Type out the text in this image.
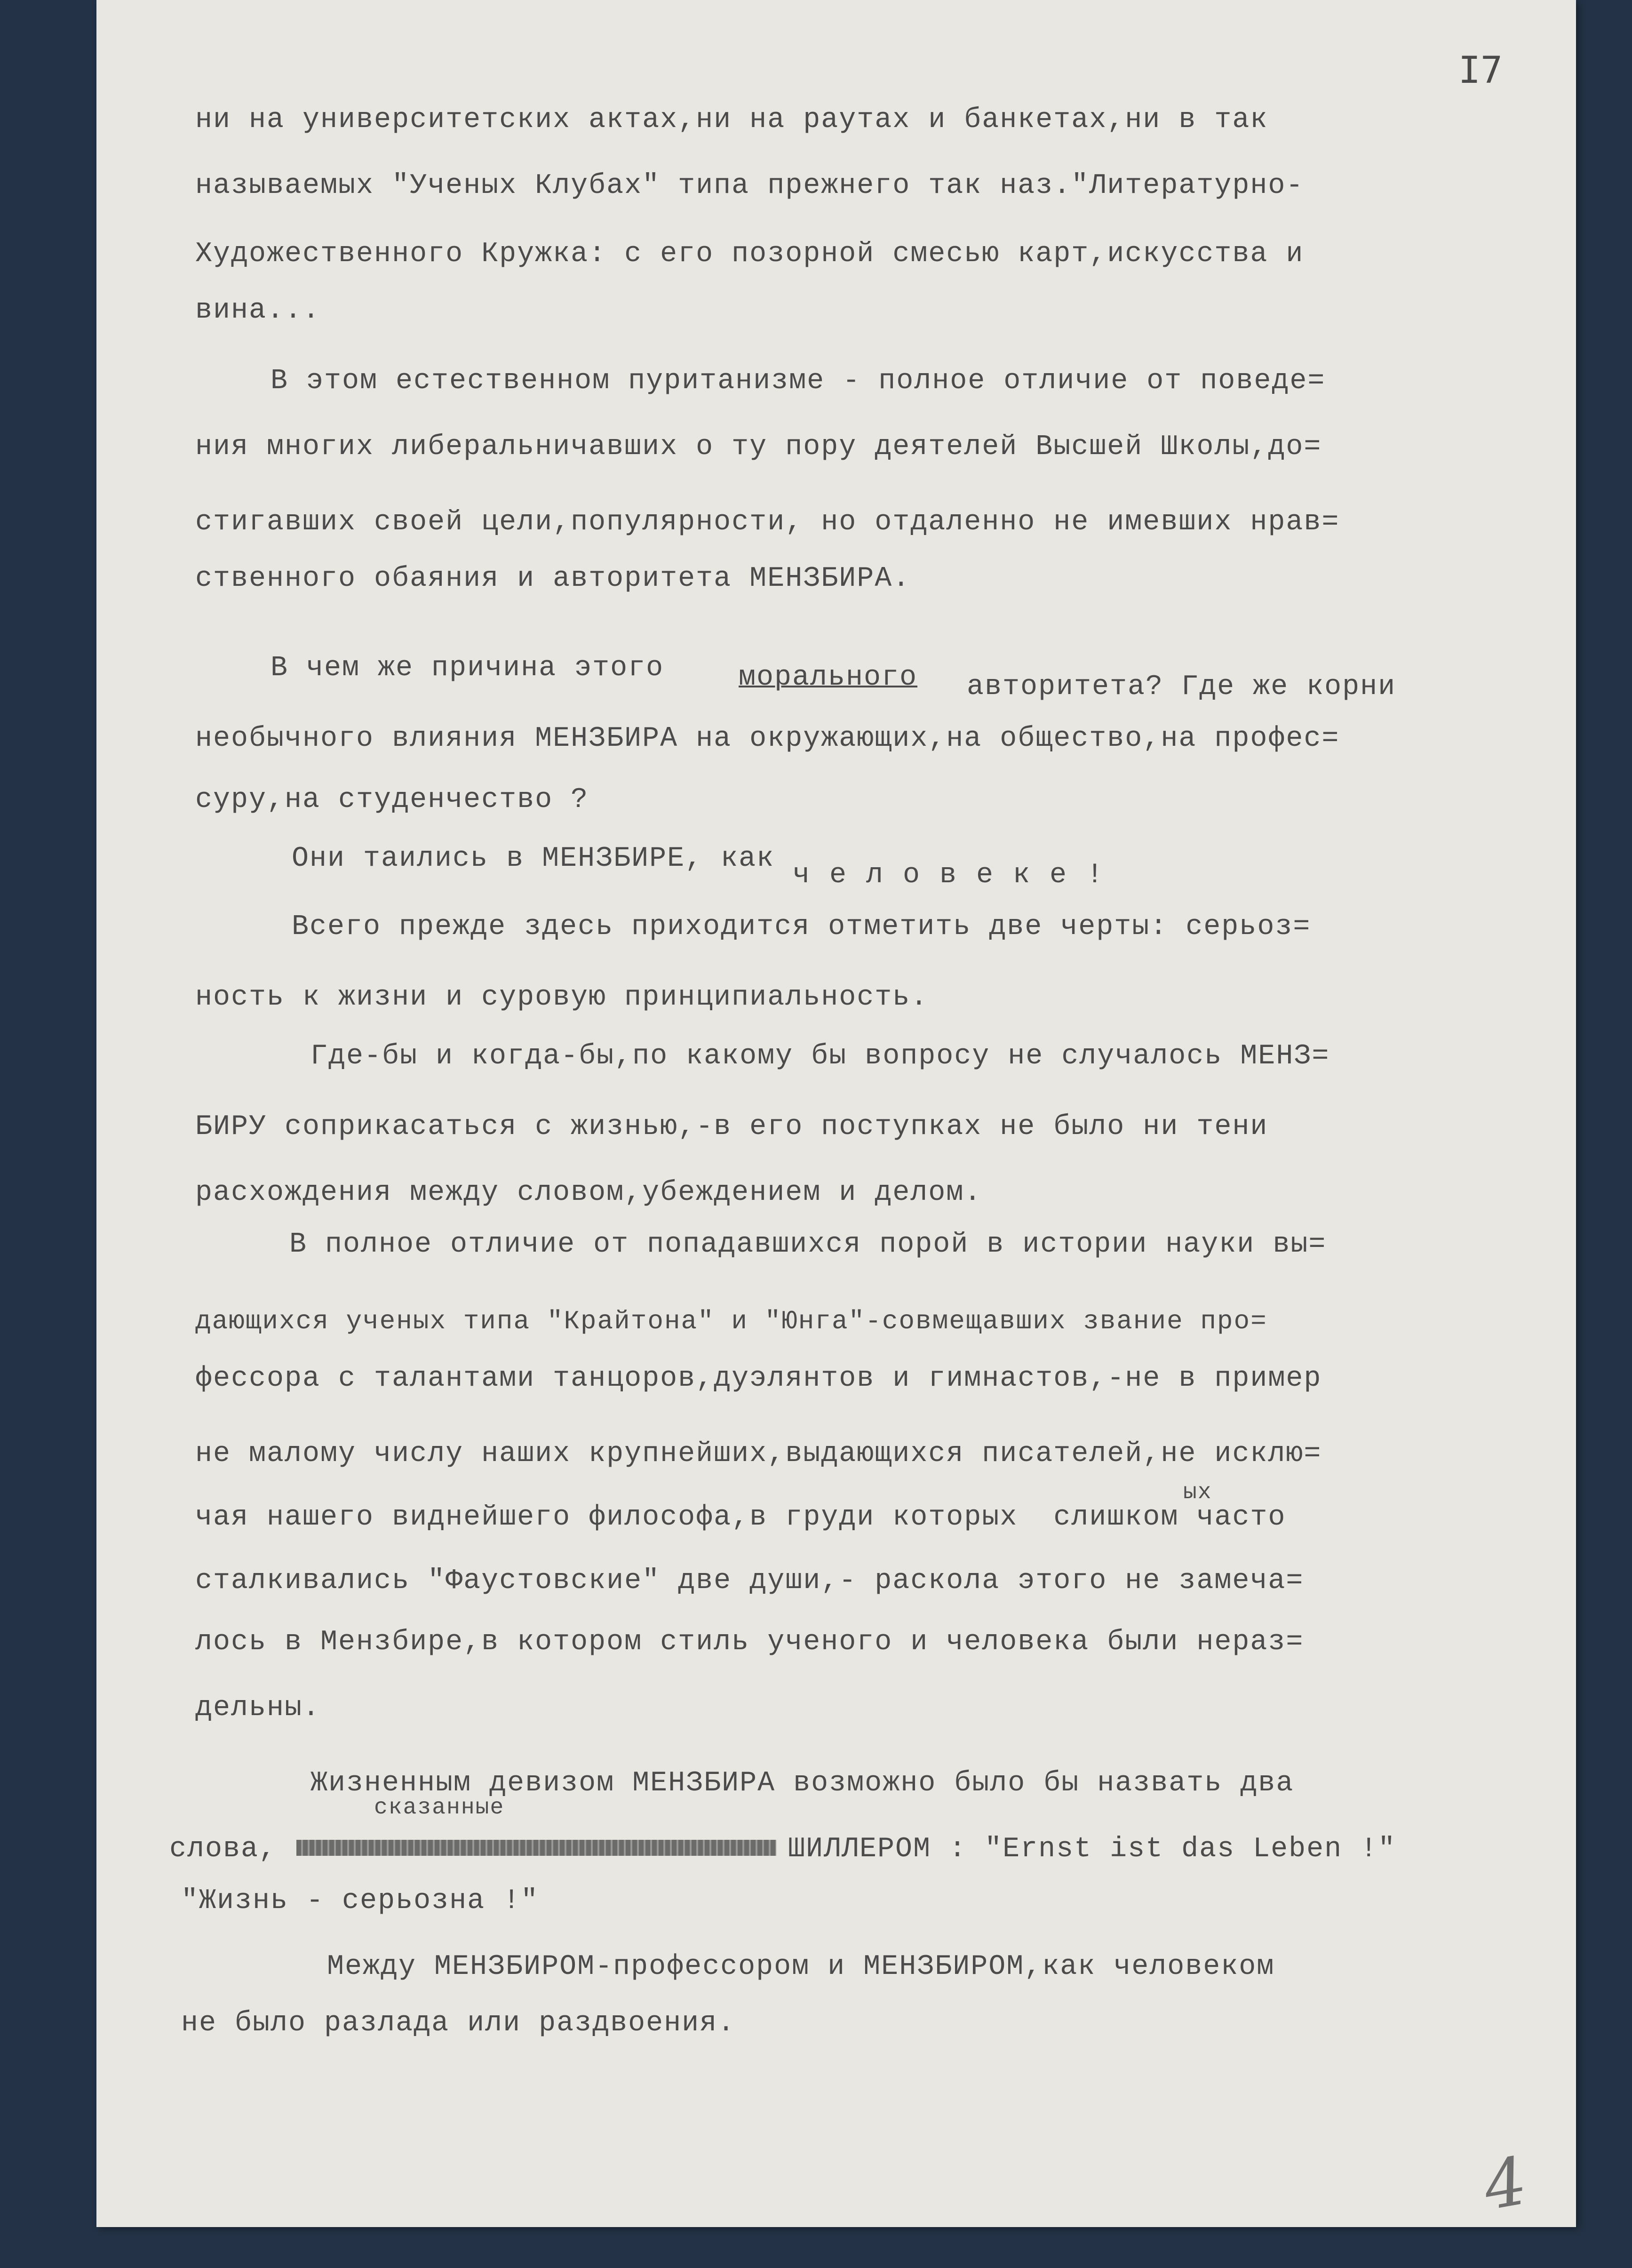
I7
ни на университетских актах,ни на раутах и банкетах,ни в так
называемых "Ученых Клубах" типа прежнего так наз."Литературно-
Художественного Кружка: с его позорной смесью карт,искусства и
вина...
В этом естественном пуританизме - полное отличие от поведе=
ния многих либеральничавших о ту пору деятелей Высшей Школы,до=
стигавших своей цели,популярности, но отдаленно не имевших нрав=
ственного обаяния и авторитета МЕНЗБИРА.
В чем же причина этого	морального авторитета? Где же корни
необычного влияния МЕНЗБИРА на окружающих,на общество,на профес=
суру,на студенчество ?
Они таились в МЕНЗБИРЕ, как
человеке!
Всего прежде здесь приходится отметить две черты: серьоз=
ность к жизни и суровую принципиальность.
Где-бы и когда-бы,по какому бы вопросу не случалось МЕНЗ=
БИРУ соприкасаться с жизнью,-в его поступках не было ни тени
расхождения между словом,убеждением и делом.
В полное отличие от попадавшихся порой в истории науки вы=
дающихся ученых типа "Крайтона" и "Юнга"-совмещавших звание про=
фессора с талантами танцоров,дуэлянтов и гимнастов,-не в пример
не малому числу наших крупнейших,выдающихся писателей,не исклю=
ых
чая нашего виднейшего философа,в груди которых  слишком часто
сталкивались "Фаустовские" две души,- раскола этого не замеча=
лось в Мензбире,в котором стиль ученого и человека были нераз=
дельны.
Жизненным девизом МЕНЗБИРА возможно было бы назвать два
сказанные
слова,	ШИЛЛЕРОМ : "Ernst ist das Leben !"
"Жизнь - серьозна !"
Между МЕНЗБИРОМ-профессором и МЕНЗБИРОМ,как человеком
не было разлада или раздвоения.
4
